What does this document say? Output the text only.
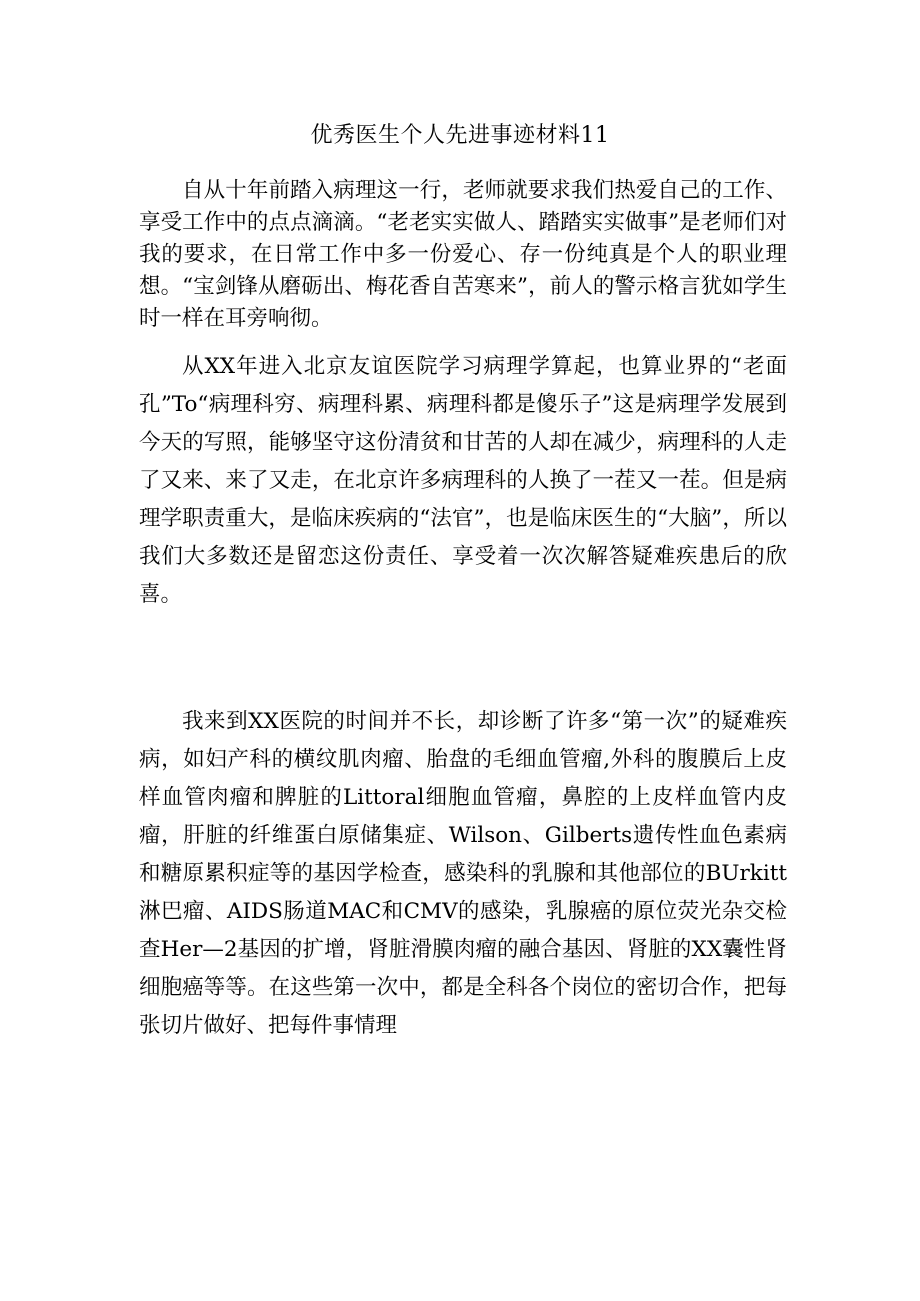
优秀医生个人先进事迹材料11

自从十年前踏入病理这一行，老师就要求我们热爱自己的工作、享受工作中的点点滴滴。“老老实实做人、踏踏实实做事”是老师们对我的要求，在日常工作中多一份爱心、存一份纯真是个人的职业理想。“宝剑锋从磨砺出、梅花香自苦寒来”，前人的警示格言犹如学生时一样在耳旁响彻。

从XX年进入北京友谊医院学习病理学算起，也算业界的“老面孔”To“病理科穷、病理科累、病理科都是傻乐子”这是病理学发展到今天的写照，能够坚守这份清贫和甘苦的人却在减少，病理科的人走了又来、来了又走，在北京许多病理科的人换了一茬又一茬。但是病理学职责重大，是临床疾病的“法官”，也是临床医生的“大脑”，所以我们大多数还是留恋这份责任、享受着一次次解答疑难疾患后的欣喜。

我来到XX医院的时间并不长，却诊断了许多“第一次”的疑难疾病，如妇产科的横纹肌肉瘤、胎盘的毛细血管瘤,外科的腹膜后上皮样血管肉瘤和脾脏的Littoral细胞血管瘤，鼻腔的上皮样血管内皮瘤，肝脏的纤维蛋白原储集症、Wilson、Gilberts遗传性血色素病和糖原累积症等的基因学检查，感染科的乳腺和其他部位的BUrkitt淋巴瘤、AIDS肠道MAC和CMV的感染，乳腺癌的原位荧光杂交检查Her—2基因的扩增，肾脏滑膜肉瘤的融合基因、肾脏的XX囊性肾细胞癌等等。在这些第一次中，都是全科各个岗位的密切合作，把每张切片做好、把每件事情理
